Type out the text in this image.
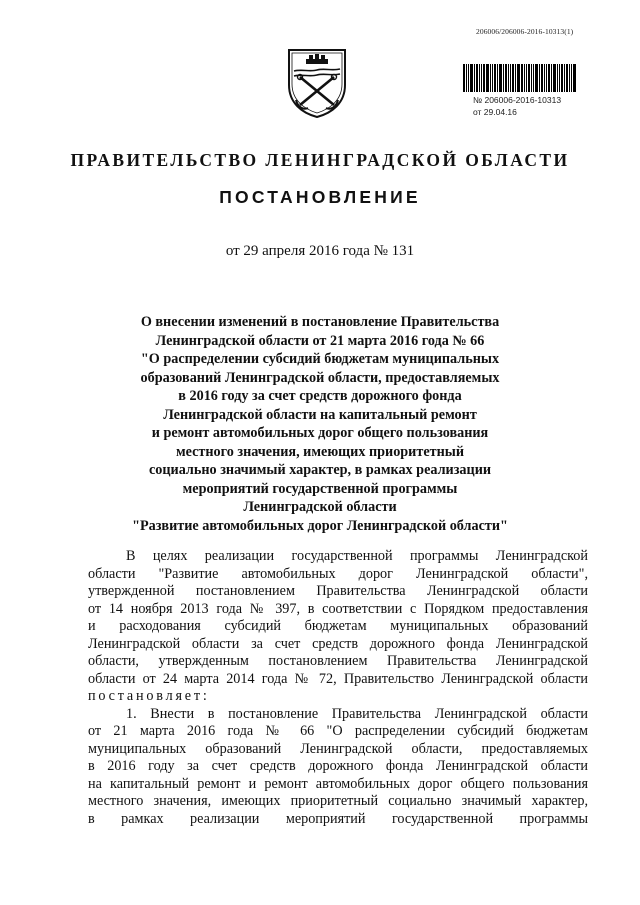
206006/206006-2016-10313(1)
№ 206006-2016-10313
от 29.04.16
ПРАВИТЕЛЬСТВО ЛЕНИНГРАДСКОЙ ОБЛАСТИ
ПОСТАНОВЛЕНИЕ
от 29 апреля 2016 года № 131
О внесении изменений в постановление Правительства
Ленинградской области от 21 марта 2016 года № 66
"О распределении субсидий бюджетам муниципальных
образований Ленинградской области, предоставляемых
в 2016 году за счет средств дорожного фонда
Ленинградской области на капитальный ремонт
и ремонт автомобильных дорог общего пользования
местного значения, имеющих приоритетный
социально значимый характер, в рамках реализации
мероприятий государственной программы
Ленинградской области
"Развитие автомобильных дорог Ленинградской области"
В целях реализации государственной программы Ленинградской
области "Развитие автомобильных дорог Ленинградской области",
утвержденной постановлением Правительства Ленинградской области
от 14 ноября 2013 года № 397, в соответствии с Порядком предоставления
и расходования субсидий бюджетам муниципальных образований
Ленинградской области за счет средств дорожного фонда Ленинградской
области, утвержденным постановлением Правительства Ленинградской
области от 24 марта 2014 года № 72, Правительство Ленинградской области
постановляет:
1. Внести в постановление Правительства Ленинградской области
от 21 марта 2016 года № 66 "О распределении субсидий бюджетам
муниципальных образований Ленинградской области, предоставляемых
в 2016 году за счет средств дорожного фонда Ленинградской области
на капитальный ремонт и ремонт автомобильных дорог общего пользования
местного значения, имеющих приоритетный социально значимый характер,
в рамках реализации мероприятий государственной программы
